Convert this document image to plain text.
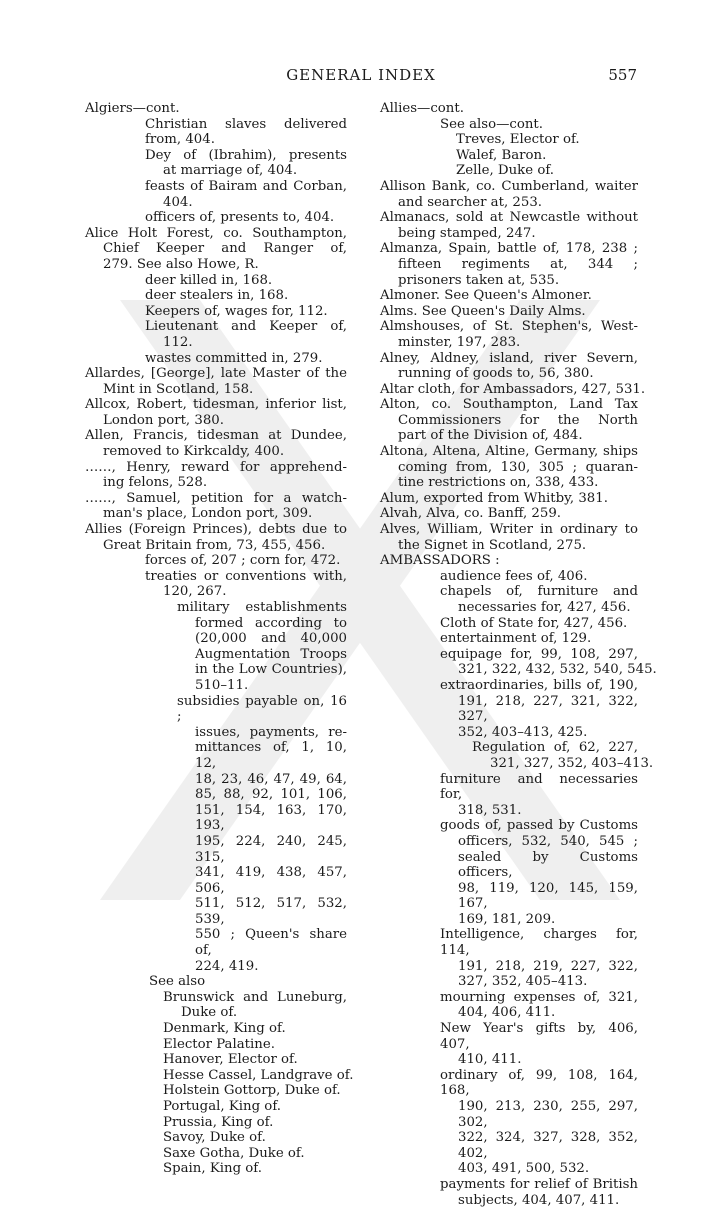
GENERAL INDEX	557
Algiers—cont.
Christian slaves delivered
from, 404.
Dey of (Ibrahim), presents
at marriage of, 404.
feasts of Bairam and Corban,
404.
officers of, presents to, 404.
Alice Holt Forest, co. Southampton,
Chief Keeper and Ranger of,
279. See also Howe, R.
deer killed in, 168.
deer stealers in, 168.
Keepers of, wages for, 112.
Lieutenant and Keeper of,
112.
wastes committed in, 279.
Allardes, [George], late Master of the
Mint in Scotland, 158.
Allcox, Robert, tidesman, inferior list,
London port, 380.
Allen, Francis, tidesman at Dundee,
removed to Kirkcaldy, 400.
……, Henry, reward for apprehend-
ing felons, 528.
……, Samuel, petition for a watch-
man's place, London port, 309.
Allies (Foreign Princes), debts due to
Great Britain from, 73, 455, 456.
forces of, 207 ; corn for, 472.
treaties or conventions with,
120, 267.
military establishments
formed according to
(20,000 and 40,000
Augmentation Troops
in the Low Countries),
510–11.
subsidies payable on, 16 ;
issues, payments, re-
mittances of, 1, 10, 12,
18, 23, 46, 47, 49, 64,
85, 88, 92, 101, 106,
151, 154, 163, 170, 193,
195, 224, 240, 245, 315,
341, 419, 438, 457, 506,
511, 512, 517, 532, 539,
550 ; Queen's share of,
224, 419.
See also
Brunswick and Luneburg,
Duke of.
Denmark, King of.
Elector Palatine.
Hanover, Elector of.
Hesse Cassel, Landgrave of.
Holstein Gottorp, Duke of.
Portugal, King of.
Prussia, King of.
Savoy, Duke of.
Saxe Gotha, Duke of.
Spain, King of.
Allies—cont.
See also—cont.
Treves, Elector of.
Walef, Baron.
Zelle, Duke of.
Allison Bank, co. Cumberland, waiter
and searcher at, 253.
Almanacs, sold at Newcastle without
being stamped, 247.
Almanza, Spain, battle of, 178, 238 ;
fifteen regiments at, 344 ;
prisoners taken at, 535.
Almoner. See Queen's Almoner.
Alms. See Queen's Daily Alms.
Almshouses, of St. Stephen's, West-
minster, 197, 283.
Alney, Aldney, island, river Severn,
running of goods to, 56, 380.
Altar cloth, for Ambassadors, 427, 531.
Alton, co. Southampton, Land Tax
Commissioners for the North
part of the Division of, 484.
Altona, Altena, Altine, Germany, ships
coming from, 130, 305 ; quaran-
tine restrictions on, 338, 433.
Alum, exported from Whitby, 381.
Alvah, Alva, co. Banff, 259.
Alves, William, Writer in ordinary to
the Signet in Scotland, 275.
AMBASSADORS :
audience fees of, 406.
chapels of, furniture and
necessaries for, 427, 456.
Cloth of State for, 427, 456.
entertainment of, 129.
equipage for, 99, 108, 297,
321, 322, 432, 532, 540, 545.
extraordinaries, bills of, 190,
191, 218, 227, 321, 322, 327,
352, 403–413, 425.
Regulation of, 62, 227,
321, 327, 352, 403–413.
furniture and necessaries for,
318, 531.
goods of, passed by Customs
officers, 532, 540, 545 ;
sealed by Customs officers,
98, 119, 120, 145, 159, 167,
169, 181, 209.
Intelligence, charges for, 114,
191, 218, 219, 227, 322,
327, 352, 405–413.
mourning expenses of, 321,
404, 406, 411.
New Year's gifts by, 406, 407,
410, 411.
ordinary of, 99, 108, 164, 168,
190, 213, 230, 255, 297, 302,
322, 324, 327, 328, 352, 402,
403, 491, 500, 532.
payments for relief of British
subjects, 404, 407, 411.
